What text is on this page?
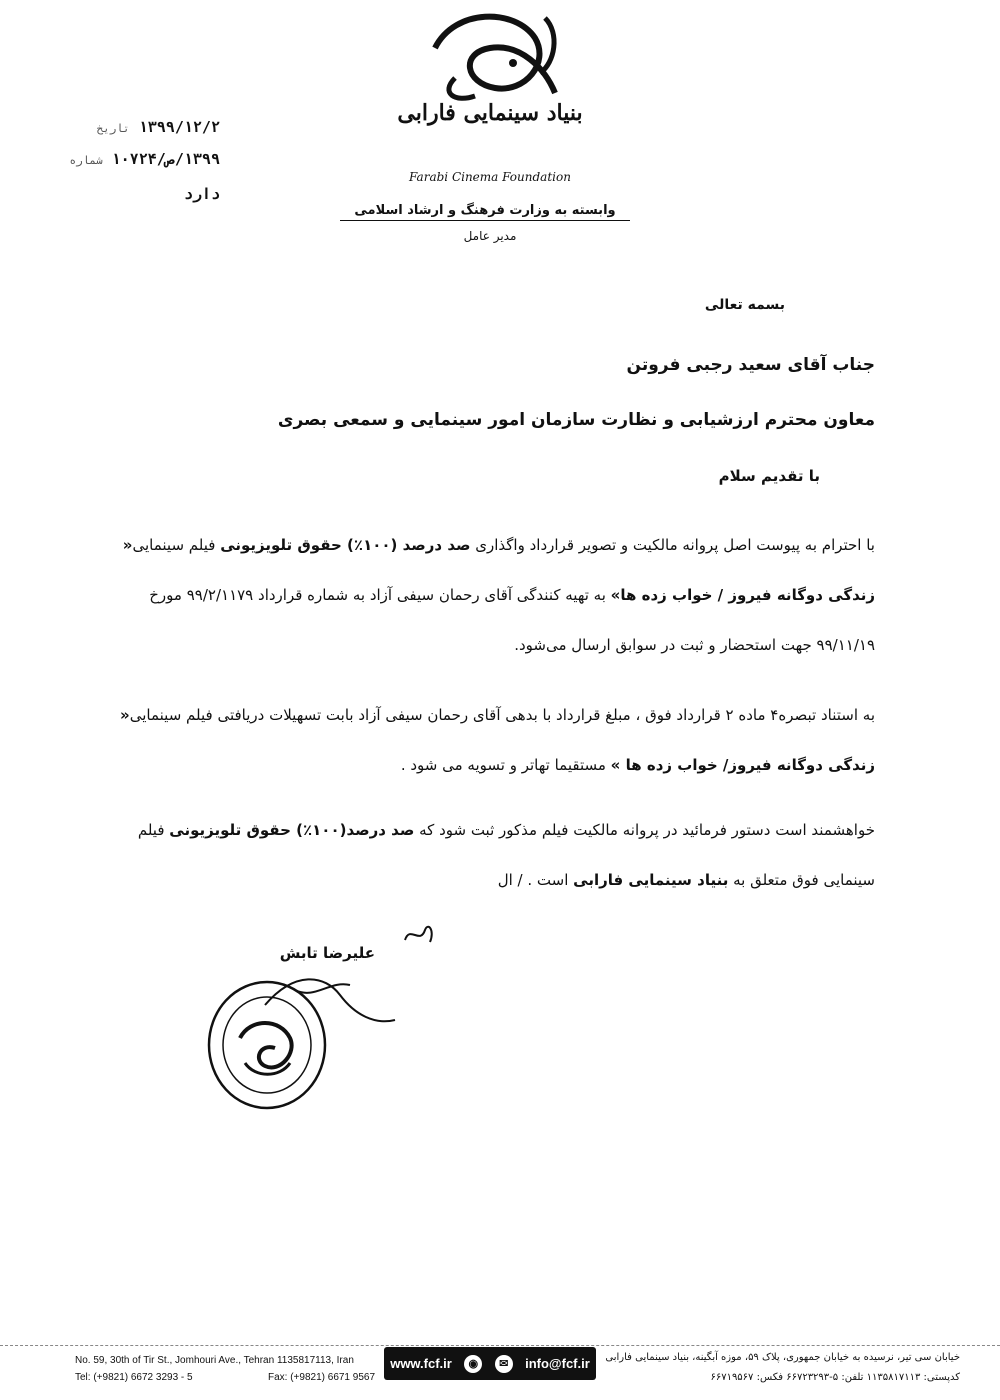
بنیاد سینمایی فارابی
Farabi Cinema Foundation
وابسته به وزارت فرهنگ و ارشاد اسلامی
مدیر عامل
۱۳۹۹/۱۲/۲ تاریخ
۱۳۹۹/ص/۱۰۷۲۴ شماره
دارد
بسمه تعالی
جناب آقای سعید رجبی فروتن
معاون محترم ارزشیابی و نظارت سازمان امور سینمایی و سمعی بصری
با تقدیم سلام
با احترام به پیوست اصل پروانه مالکیت و تصویر قرارداد واگذاری صد درصد (۱۰۰٪) حقوق تلویزیونی فیلم سینمایی« زندگی دوگانه فیروز / خواب زده ها» به تهیه کنندگی آقای رحمان سیفی آزاد به شماره قرارداد ۹۹/۲/۱۱۷۹ مورخ ۹۹/۱۱/۱۹ جهت استحضار و ثبت در سوابق ارسال می‌شود.
به استناد تبصره۴ ماده ۲ قرارداد فوق ، مبلغ قرارداد با بدهی آقای رحمان سیفی آزاد بابت تسهیلات دریافتی فیلم سینمایی« زندگی دوگانه فیروز/ خواب زده ها » مستقیما تهاتر و تسویه می شود .
خواهشمند است دستور فرمائید در پروانه مالکیت فیلم مذکور ثبت شود که صد درصد(۱۰۰٪) حقوق تلویزیونی فیلم سینمایی فوق متعلق به بنیاد سینمایی فارابی است . / ال
علیرضا تابش
No. 59, 30th of Tir St., Jomhouri Ave., Tehran 1135817113, Iran
Tel: (+9821) 6672 3293 - 5	Fax: (+9821) 6671 9567
www.fcf.ir	◉	✉	info@fcf.ir	خیابان سی تیر، نرسیده به خیابان جمهوری، پلاک ۵۹، موزه آبگینه، بنیاد سینمایی فارابی
کدپستی: ۱۱۳۵۸۱۷۱۱۳ تلفن: ۵-۶۶۷۲۳۲۹۳ فکس: ۶۶۷۱۹۵۶۷
